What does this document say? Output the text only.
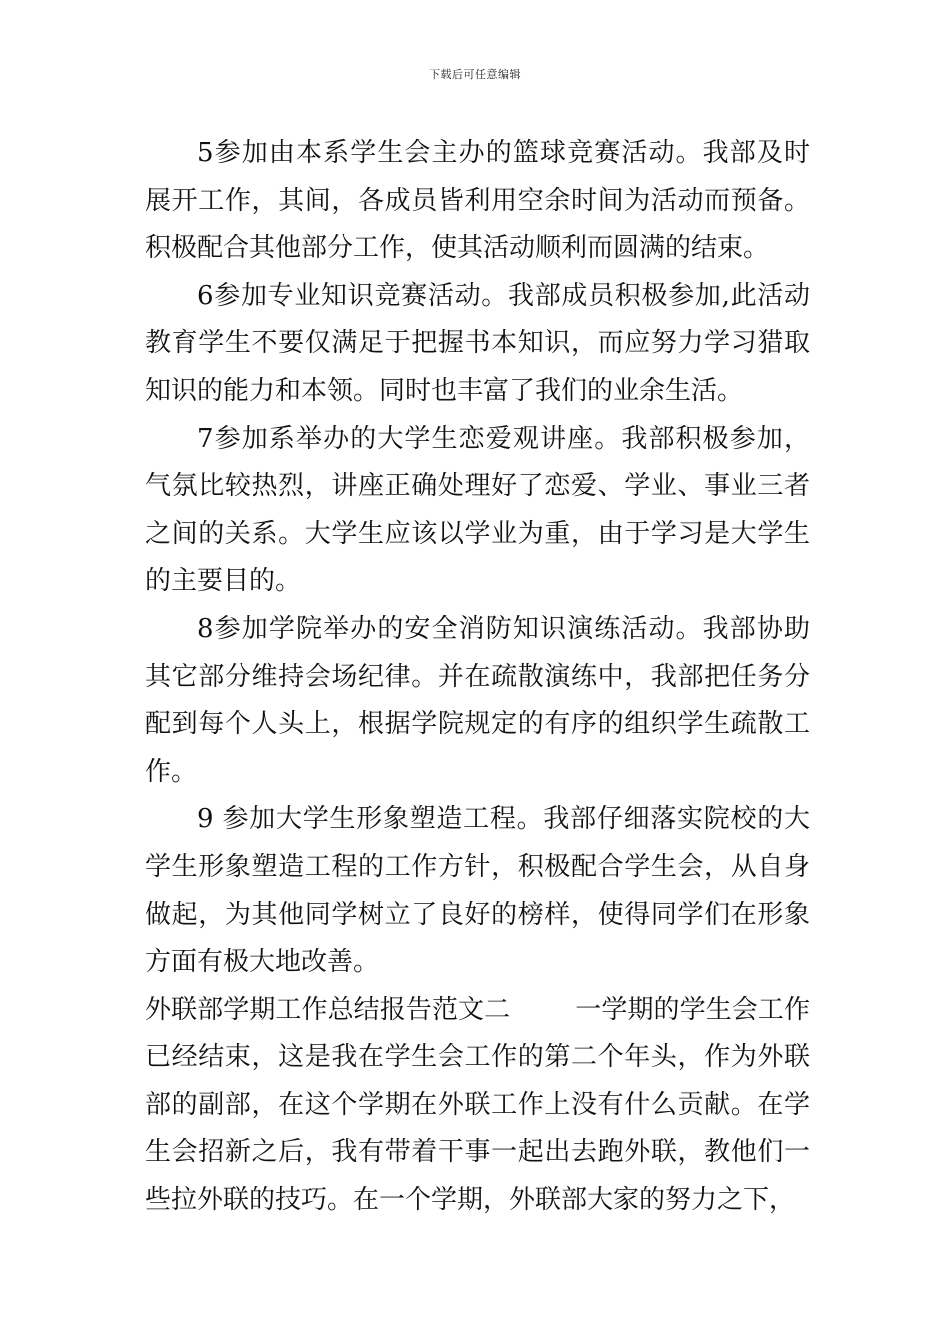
下载后可任意编辑

5参加由本系学生会主办的篮球竞赛活动。我部及时展开工作，其间，各成员皆利用空余时间为活动而预备。积极配合其他部分工作，使其活动顺利而圆满的结束。

6参加专业知识竞赛活动。我部成员积极参加,此活动教育学生不要仅满足于把握书本知识，而应努力学习猎取知识的能力和本领。同时也丰富了我们的业余生活。

7参加系举办的大学生恋爱观讲座。我部积极参加，气氛比较热烈，讲座正确处理好了恋爱、学业、事业三者之间的关系。大学生应该以学业为重，由于学习是大学生的主要目的。

8参加学院举办的安全消防知识演练活动。我部协助其它部分维持会场纪律。并在疏散演练中，我部把任务分配到每个人头上，根据学院规定的有序的组织学生疏散工作。

9 参加大学生形象塑造工程。我部仔细落实院校的大学生形象塑造工程的工作方针，积极配合学生会，从自身做起，为其他同学树立了良好的榜样，使得同学们在形象方面有极大地改善。

外联部学期工作总结报告范文二   	一学期的学生会工作已经结束，这是我在学生会工作的第二个年头，作为外联部的副部，在这个学期在外联工作上没有什么贡献。在学生会招新之后，我有带着干事一起出去跑外联，教他们一些拉外联的技巧。在一个学期，外联部大家的努力之下，
